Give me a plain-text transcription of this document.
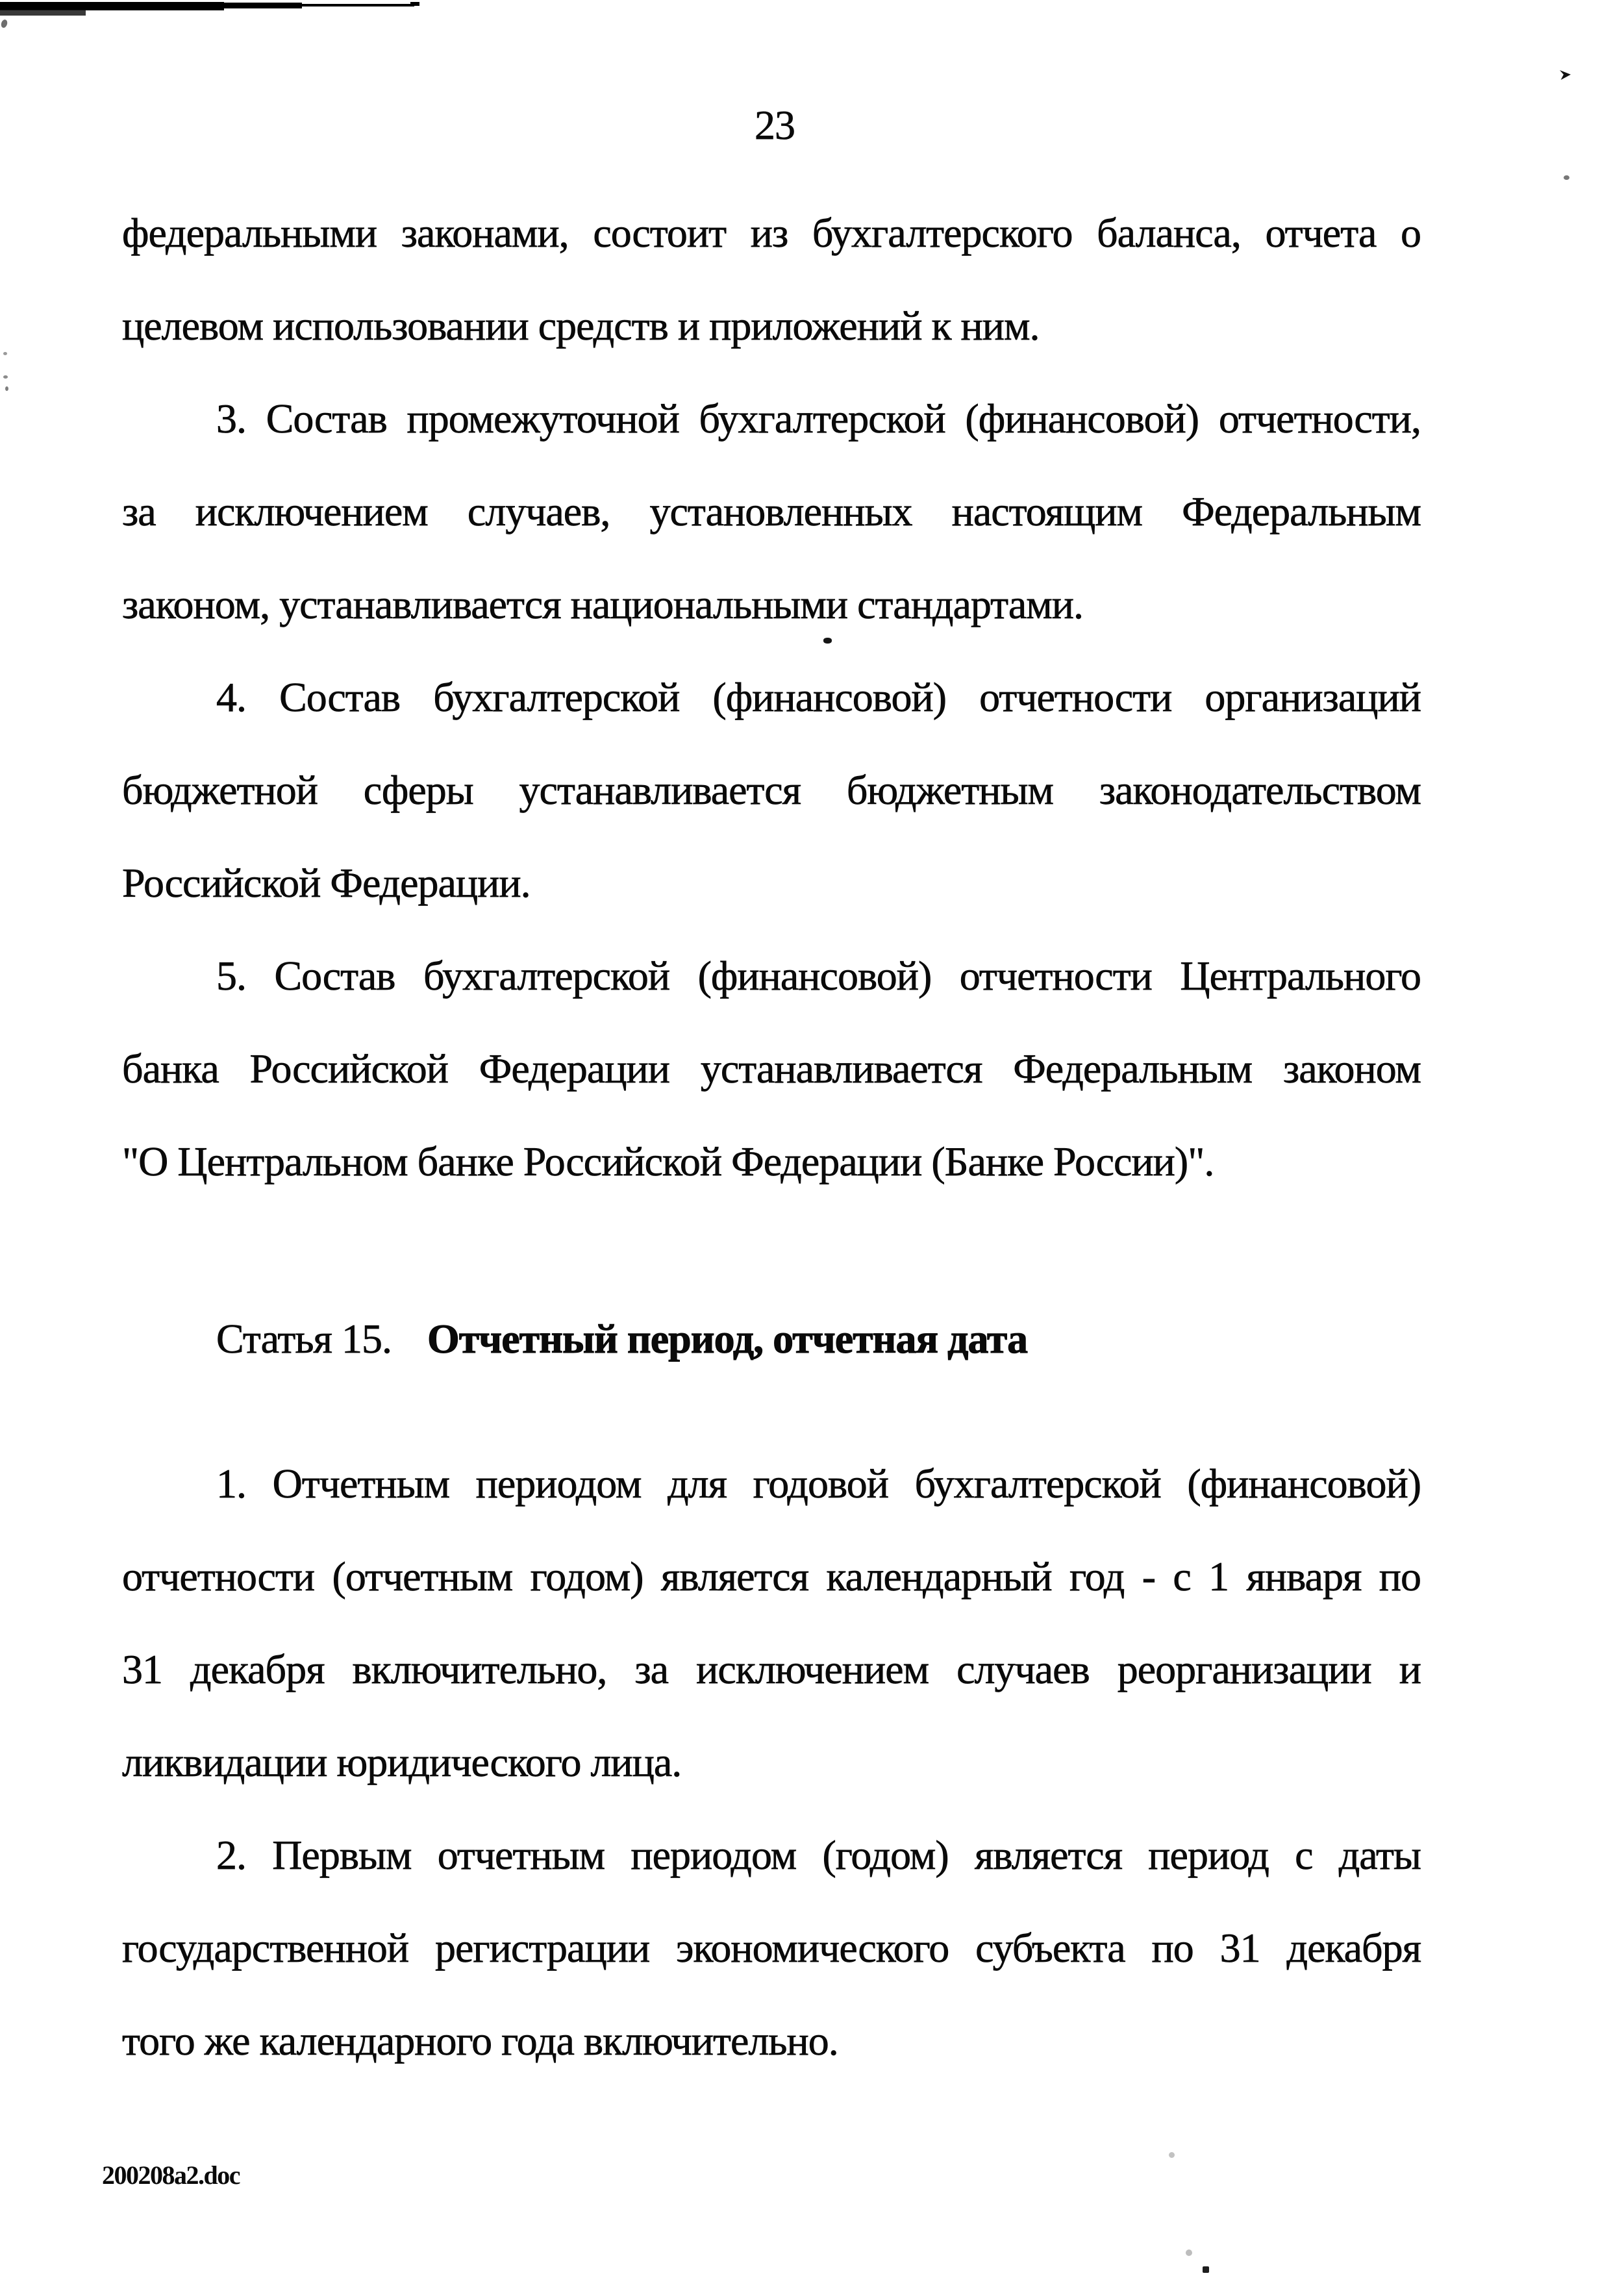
23
федеральными законами, состоит из бухгалтерского баланса, отчета о
целевом использовании средств и приложений к ним.
3. Состав промежуточной бухгалтерской (финансовой) отчетности,
за исключением случаев, установленных настоящим Федеральным
законом, устанавливается национальными стандартами.
4. Состав бухгалтерской (финансовой) отчетности организаций
бюджетной сферы устанавливается бюджетным законодательством
Российской Федерации.
5. Состав бухгалтерской (финансовой) отчетности Центрального
банка Российской Федерации устанавливается Федеральным законом
"О Центральном банке Российской Федерации (Банке России)".
Статья 15. Отчетный период, отчетная дата
1. Отчетным периодом для годовой бухгалтерской (финансовой)
отчетности (отчетным годом) является календарный год - с 1 января по
31 декабря включительно, за исключением случаев реорганизации и
ликвидации юридического лица.
2. Первым отчетным периодом (годом) является период с даты
государственной регистрации экономического субъекта по 31 декабря
того же календарного года включительно.
200208a2.doc
